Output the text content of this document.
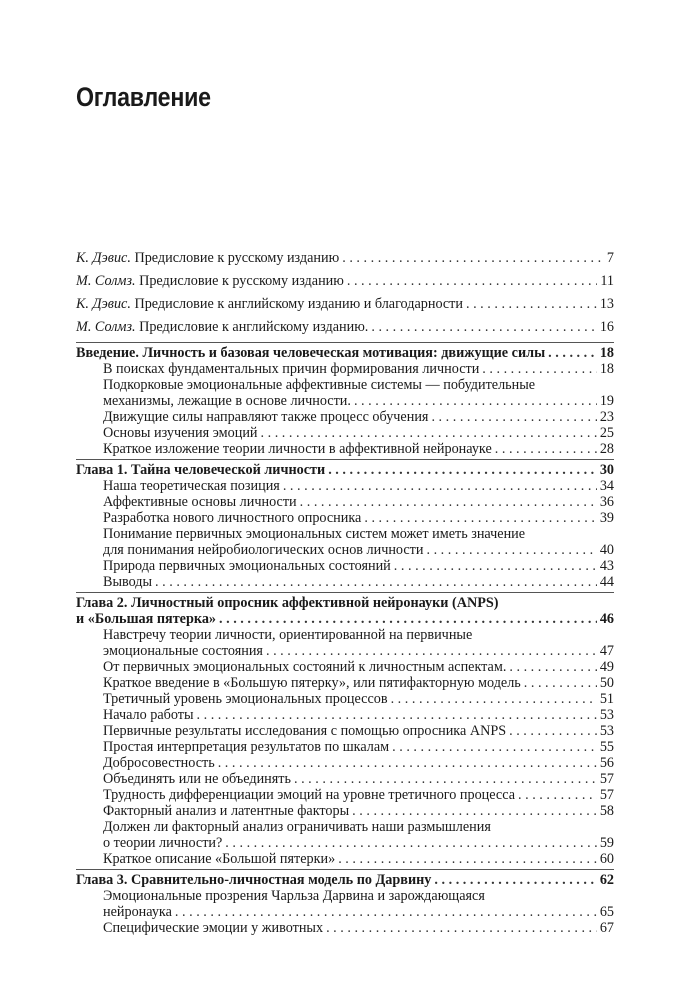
Оглавление
К. Дэвис. Предисловие к русскому изданию . . .	7
М. Солмз. Предисловие к русскому изданию . . .	11
К. Дэвис. Предисловие к английскому изданию и благодарности . . .	13
М. Солмз. Предисловие к английскому изданию. . . .	16
Введение. Личность и базовая человеческая мотивация: движущие силы . . .	18
В поисках фундаментальных причин формирования личности . . .	18
Подкорковые эмоциональные аффективные системы — побудительные
механизмы, лежащие в основе личности. . . .	19
Движущие силы направляют также процесс обучения . . .	23
Основы изучения эмоций . . .	25
Краткое изложение теории личности в аффективной нейронауке . . .	28
Глава 1. Тайна человеческой личности . . .	30
Наша теоретическая позиция . . .	34
Аффективные основы личности . . .	36
Разработка нового личностного опросника . . .	39
Понимание первичных эмоциональных систем может иметь значение
для понимания нейробиологических основ личности . . .	40
Природа первичных эмоциональных состояний . . .	43
Выводы . . .	44
Глава 2. Личностный опросник аффективной нейронауки (ANPS)
и «Большая пятерка» . . .	46
Навстречу теории личности, ориентированной на первичные
эмоциональные состояния . . .	47
От первичных эмоциональных состояний к личностным аспектам. . . .	49
Краткое введение в «Большую пятерку», или пятифакторную модель . . .	50
Третичный уровень эмоциональных процессов . . .	51
Начало работы . . .	53
Первичные результаты исследования с помощью опросника ANPS . . .	53
Простая интерпретация результатов по шкалам . . .	55
Добросовестность . . .	56
Объединять или не объединять . . .	57
Трудность дифференциации эмоций на уровне третичного процесса . . .	57
Факторный анализ и латентные факторы . . .	58
Должен ли факторный анализ ограничивать наши размышления
о теории личности? . . .	59
Краткое описание «Большой пятерки» . . .	60
Глава 3. Сравнительно-личностная модель по Дарвину . . .	62
Эмоциональные прозрения Чарльза Дарвина и зарождающаяся
нейронаука . . .	65
Специфические эмоции у животных . . .	67
